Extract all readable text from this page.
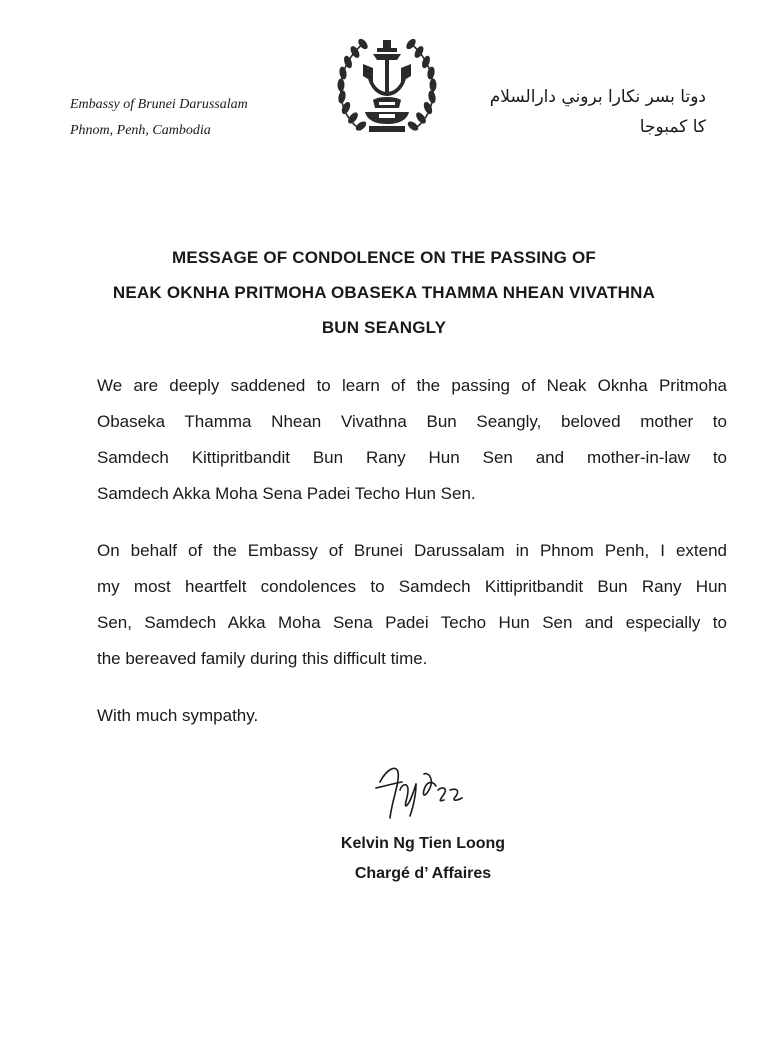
Embassy of Brunei Darussalam
Phnom, Penh, Cambodia
دوتا بسر نكارا بروني دارالسلام
كا كمبوجا
MESSAGE OF CONDOLENCE ON THE PASSING OF
NEAK OKNHA PRITMOHA OBASEKA THAMMA NHEAN VIVATHNA
BUN SEANGLY
We are deeply saddened to learn of the passing of Neak Oknha Pritmoha
Obaseka Thamma Nhean Vivathna Bun Seangly, beloved mother to
Samdech Kittipritbandit Bun Rany Hun Sen and mother-in-law to
Samdech Akka Moha Sena Padei Techo Hun Sen.
On behalf of the Embassy of Brunei Darussalam in Phnom Penh, I extend
my most heartfelt condolences to Samdech Kittipritbandit Bun Rany Hun
Sen, Samdech Akka Moha Sena Padei Techo Hun Sen and especially to
the bereaved family during this difficult time.
With much sympathy.
Kelvin Ng Tien Loong
Chargé d’ Affaires
